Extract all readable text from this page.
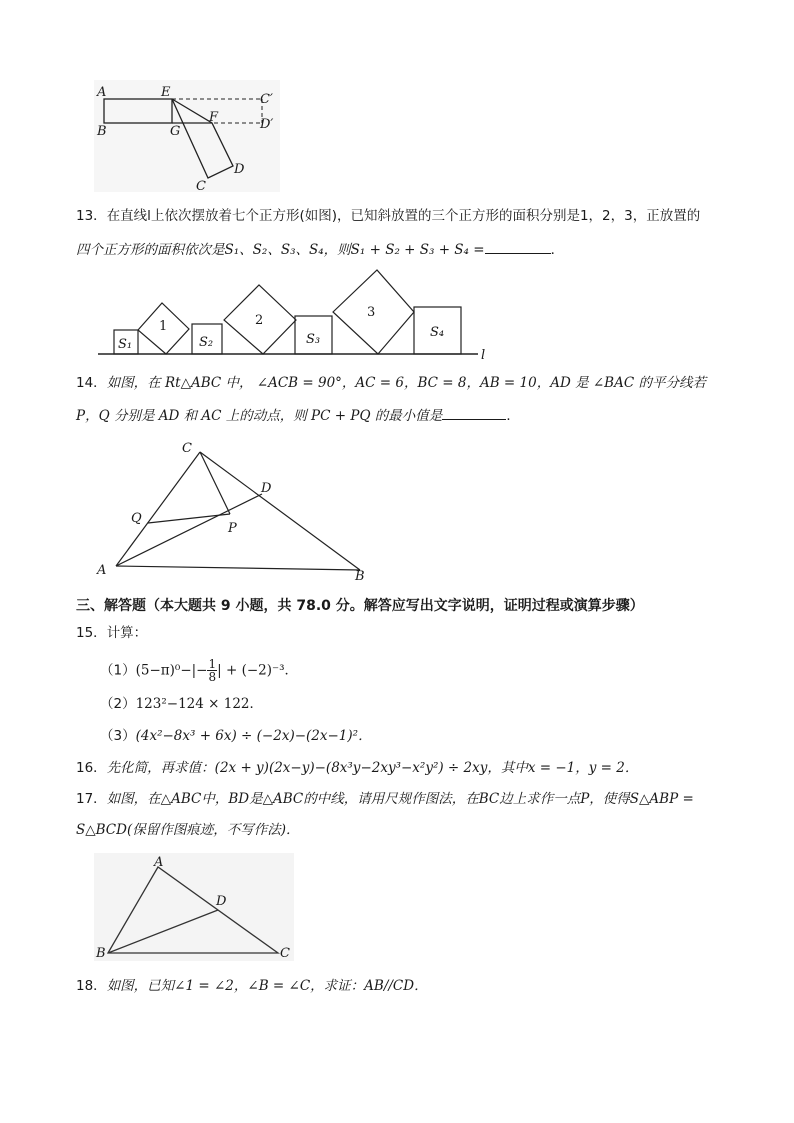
A
B
E
G
F
C
D
C′
D′
13．在直线l上依次摆放着七个正方形(如图)，已知斜放置的三个正方形的面积分别是1，2，3，正放置的
四个正方形的面积依次是S₁、S₂、S₃、S₄，则S₁ + S₂ + S₃ + S₄ =	．
S₁
1
S₂
2
S₃
3
S₄
l
14．如图，在 Rt△ABC 中， ∠ACB = 90°，AC = 6，BC = 8，AB = 10，AD 是 ∠BAC 的平分线若
P，Q 分别是 AD 和 AC 上的动点，则 PC + PQ 的最小值是	．
C
D
Q
P
A	B
三、解答题（本大题共 9 小题，共 78.0 分。解答应写出文字说明，证明过程或演算步骤）
15．计算：
$(1)(5-\pi)^0-|- \frac{1}{8}$ | + (−2)⁻³．
（2）123²−124 × 122．
（3）(4x²−8x³ + 6x) ÷ (−2x)−(2x−1)²．
16．先化简，再求值：(2x + y)(2x−y)−(8x³y−2xy³−x²y²) ÷ 2xy，其中x = −1，y = 2．
17．如图，在△ABC中，BD是△ABC的中线，请用尺规作图法，在BC边上求作一点P，使得S△ABP =
S△BCD(保留作图痕迹，不写作法)．
A
D
B	C
18．如图，已知∠1 = ∠2，∠B = ∠C，求证：AB//CD．
